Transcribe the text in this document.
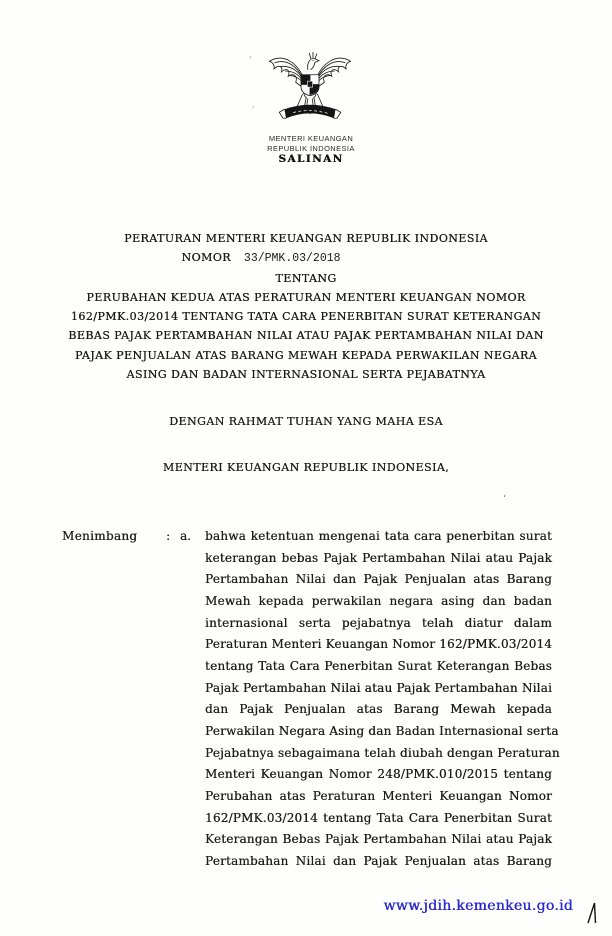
MENTERI KEUANGAN
REPUBLIK INDONESIA
SALINAN
PERATURAN MENTERI KEUANGAN REPUBLIK INDONESIA
NOMOR 33/PMK.03/2018
TENTANG
PERUBAHAN KEDUA ATAS PERATURAN MENTERI KEUANGAN NOMOR
162/PMK.03/2014 TENTANG TATA CARA PENERBITAN SURAT KETERANGAN
BEBAS PAJAK PERTAMBAHAN NILAI ATAU PAJAK PERTAMBAHAN NILAI DAN
PAJAK PENJUALAN ATAS BARANG MEWAH KEPADA PERWAKILAN NEGARA
ASING DAN BADAN INTERNASIONAL SERTA PEJABATNYA
DENGAN RAHMAT TUHAN YANG MAHA ESA
MENTERI KEUANGAN REPUBLIK INDONESIA,
Menimbang : a. bahwa ketentuan mengenai tata cara penerbitan surat
keterangan bebas Pajak Pertambahan Nilai atau Pajak
Pertambahan Nilai dan Pajak Penjualan atas Barang
Mewah kepada perwakilan negara asing dan badan
internasional serta pejabatnya telah diatur dalam
Peraturan Menteri Keuangan Nomor 162/PMK.03/2014
tentang Tata Cara Penerbitan Surat Keterangan Bebas
Pajak Pertambahan Nilai atau Pajak Pertambahan Nilai
dan Pajak Penjualan atas Barang Mewah kepada
Perwakilan Negara Asing dan Badan Internasional serta
Pejabatnya sebagaimana telah diubah dengan Peraturan
Menteri Keuangan Nomor 248/PMK.010/2015 tentang
Perubahan atas Peraturan Menteri Keuangan Nomor
162/PMK.03/2014 tentang Tata Cara Penerbitan Surat
Keterangan Bebas Pajak Pertambahan Nilai atau Pajak
Pertambahan Nilai dan Pajak Penjualan atas Barang
www.jdih.kemenkeu.go.id
'
,
‘
